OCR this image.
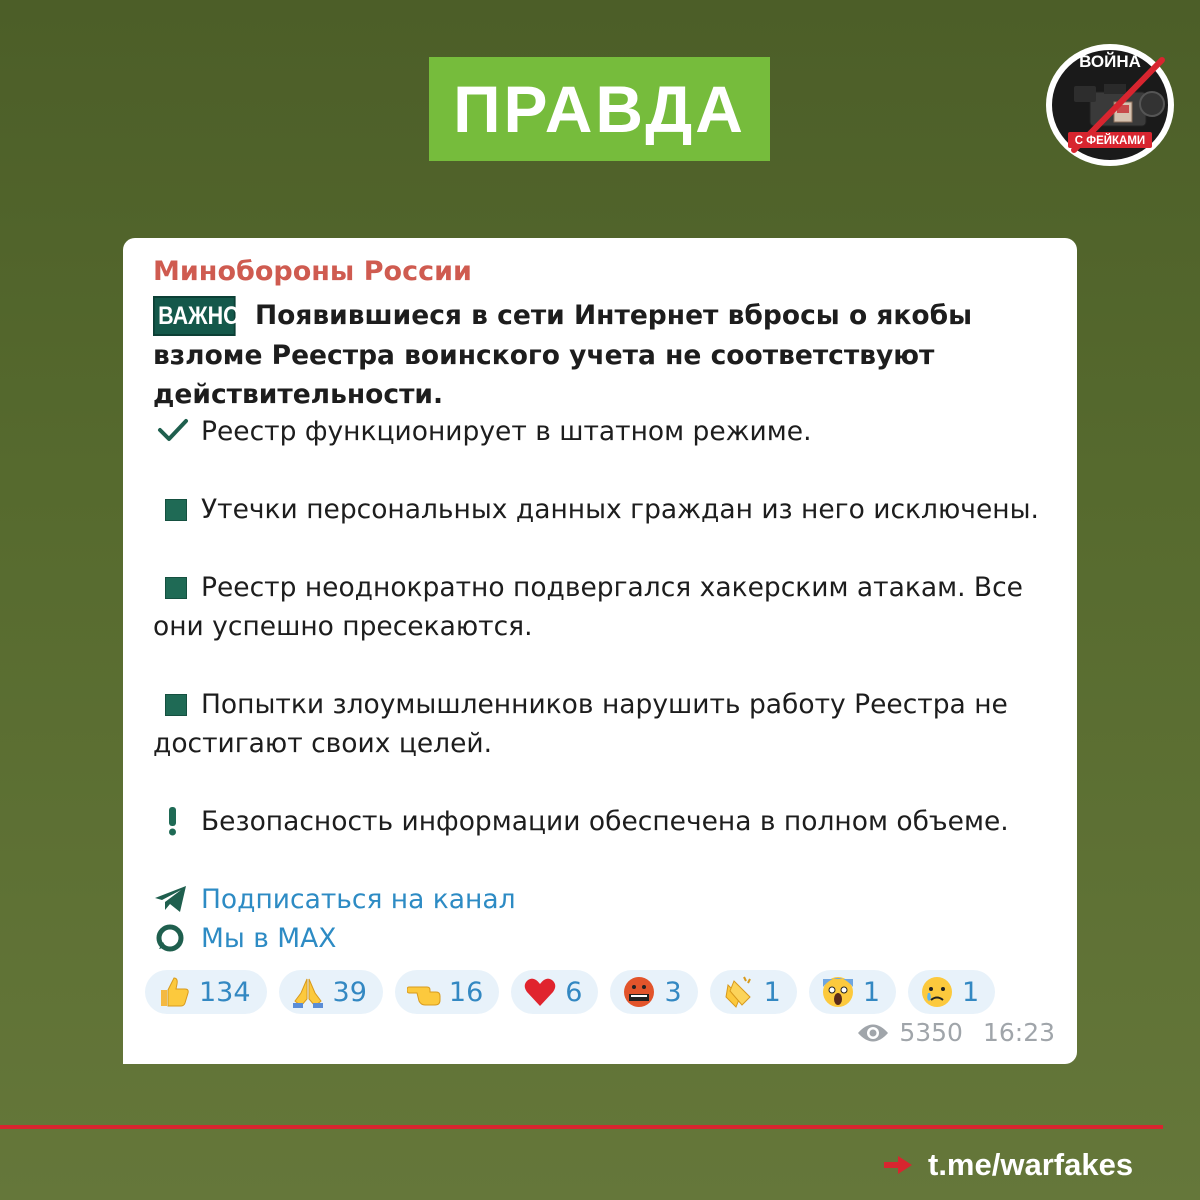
ПРАВДА
ВОЙНА
С ФЕЙКАМИ
Минобороны России
ВАЖНО Появившиеся в сети Интернет вбросы о якобы взломе Реестра воинского учета не соответствуют действительности.
Реестр функционирует в штатном режиме.
Утечки персональных данных граждан из него исключены.
Реестр неоднократно подвергался хакерским атакам. Все они успешно пресекаются.
Попытки злоумышленников нарушить работу Реестра не достигают своих целей.
Безопасность информации обеспечена в полном объеме.
Подписаться на канал
Мы в MAX
134	39	16	6	3	1	1	1
5350 16:23
t.me/warfakes
